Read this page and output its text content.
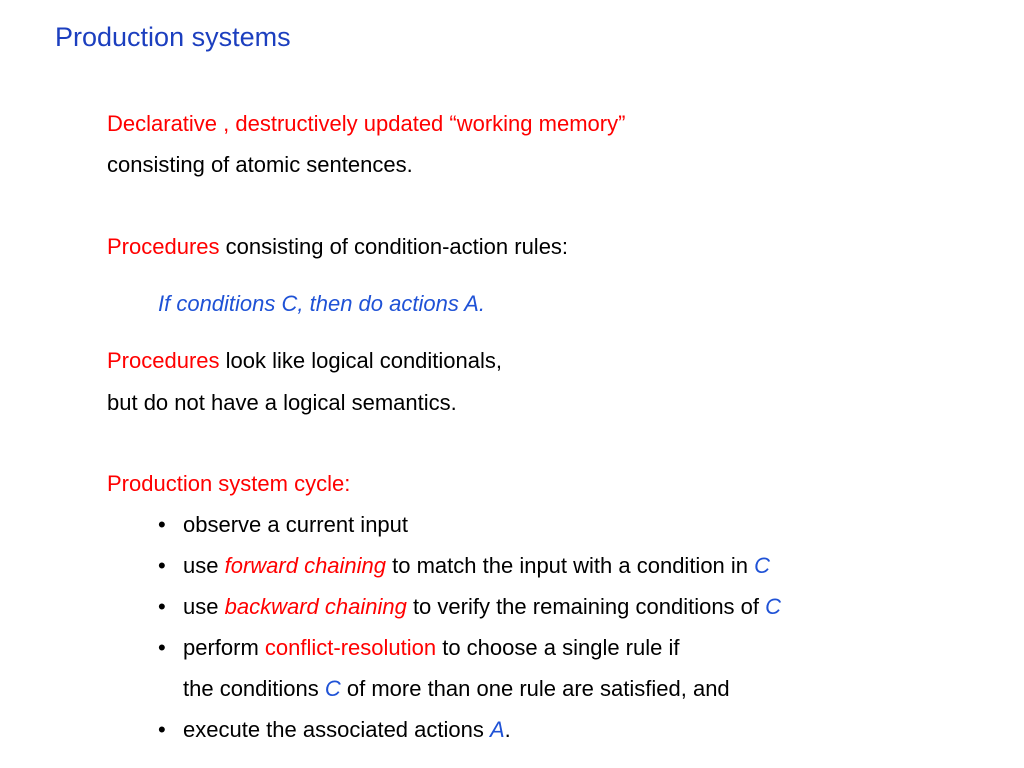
Production systems
Declarative , destructively updated “working memory”
consisting of atomic sentences.
Procedures consisting of condition-action rules:
If conditions C, then do actions A.
Procedures look like logical conditionals,
but do not have a logical semantics.
Production system cycle:
• observe a current input
• use forward chaining to match the input with a condition in C
• use backward chaining to verify the remaining conditions of C
• perform conflict-resolution to choose a single rule if
the conditions C of more than one rule are satisfied, and
• execute the associated actions A.
